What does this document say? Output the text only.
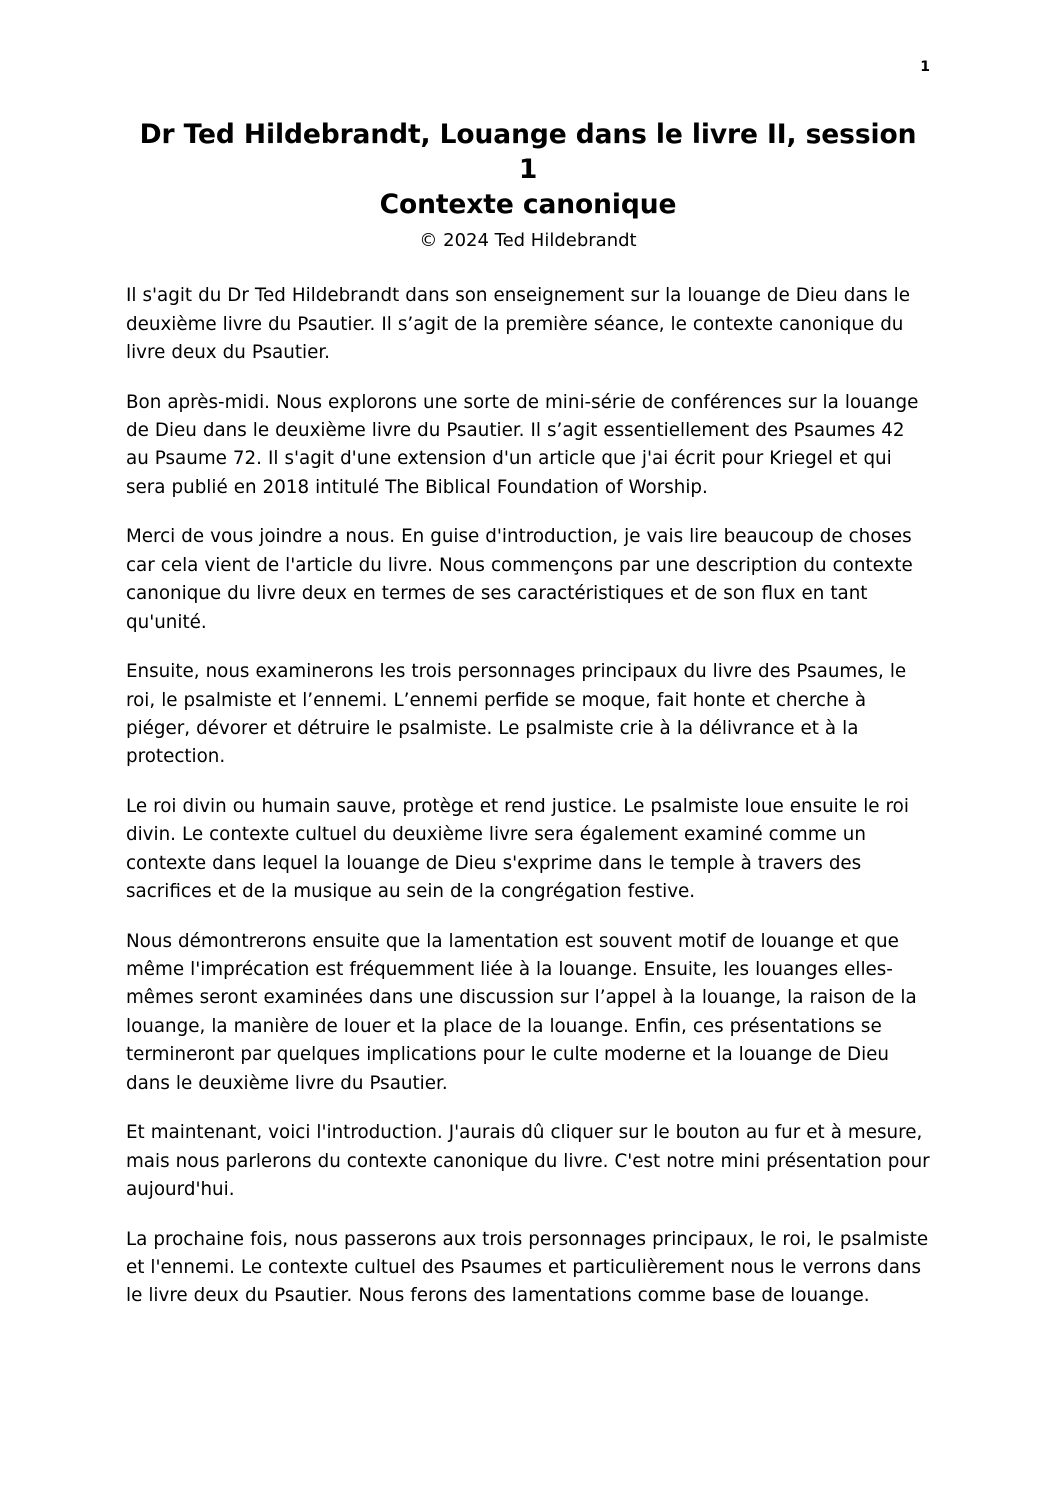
1
Dr Ted Hildebrandt, Louange dans le livre II, session 1
Contexte canonique
© 2024 Ted Hildebrandt

Il s'agit du Dr Ted Hildebrandt dans son enseignement sur la louange de Dieu dans le deuxième livre du Psautier. Il s’agit de la première séance, le contexte canonique du livre deux du Psautier.

Bon après-midi. Nous explorons une sorte de mini-série de conférences sur la louange de Dieu dans le deuxième livre du Psautier. Il s’agit essentiellement des Psaumes 42 au Psaume 72. Il s'agit d'une extension d'un article que j'ai écrit pour Kriegel et qui sera publié en 2018 intitulé The Biblical Foundation of Worship.

Merci de vous joindre a nous. En guise d'introduction, je vais lire beaucoup de choses car cela vient de l'article du livre. Nous commençons par une description du contexte canonique du livre deux en termes de ses caractéristiques et de son flux en tant qu'unité.

Ensuite, nous examinerons les trois personnages principaux du livre des Psaumes, le roi, le psalmiste et l’ennemi. L’ennemi perfide se moque, fait honte et cherche à piéger, dévorer et détruire le psalmiste. Le psalmiste crie à la délivrance et à la protection.

Le roi divin ou humain sauve, protège et rend justice. Le psalmiste loue ensuite le roi divin. Le contexte cultuel du deuxième livre sera également examiné comme un contexte dans lequel la louange de Dieu s'exprime dans le temple à travers des sacrifices et de la musique au sein de la congrégation festive.

Nous démontrerons ensuite que la lamentation est souvent motif de louange et que même l'imprécation est fréquemment liée à la louange. Ensuite, les louanges elles-mêmes seront examinées dans une discussion sur l’appel à la louange, la raison de la louange, la manière de louer et la place de la louange. Enfin, ces présentations se termineront par quelques implications pour le culte moderne et la louange de Dieu dans le deuxième livre du Psautier.

Et maintenant, voici l'introduction. J'aurais dû cliquer sur le bouton au fur et à mesure, mais nous parlerons du contexte canonique du livre. C'est notre mini présentation pour aujourd'hui.

La prochaine fois, nous passerons aux trois personnages principaux, le roi, le psalmiste et l'ennemi. Le contexte cultuel des Psaumes et particulièrement nous le verrons dans le livre deux du Psautier. Nous ferons des lamentations comme base de louange.
